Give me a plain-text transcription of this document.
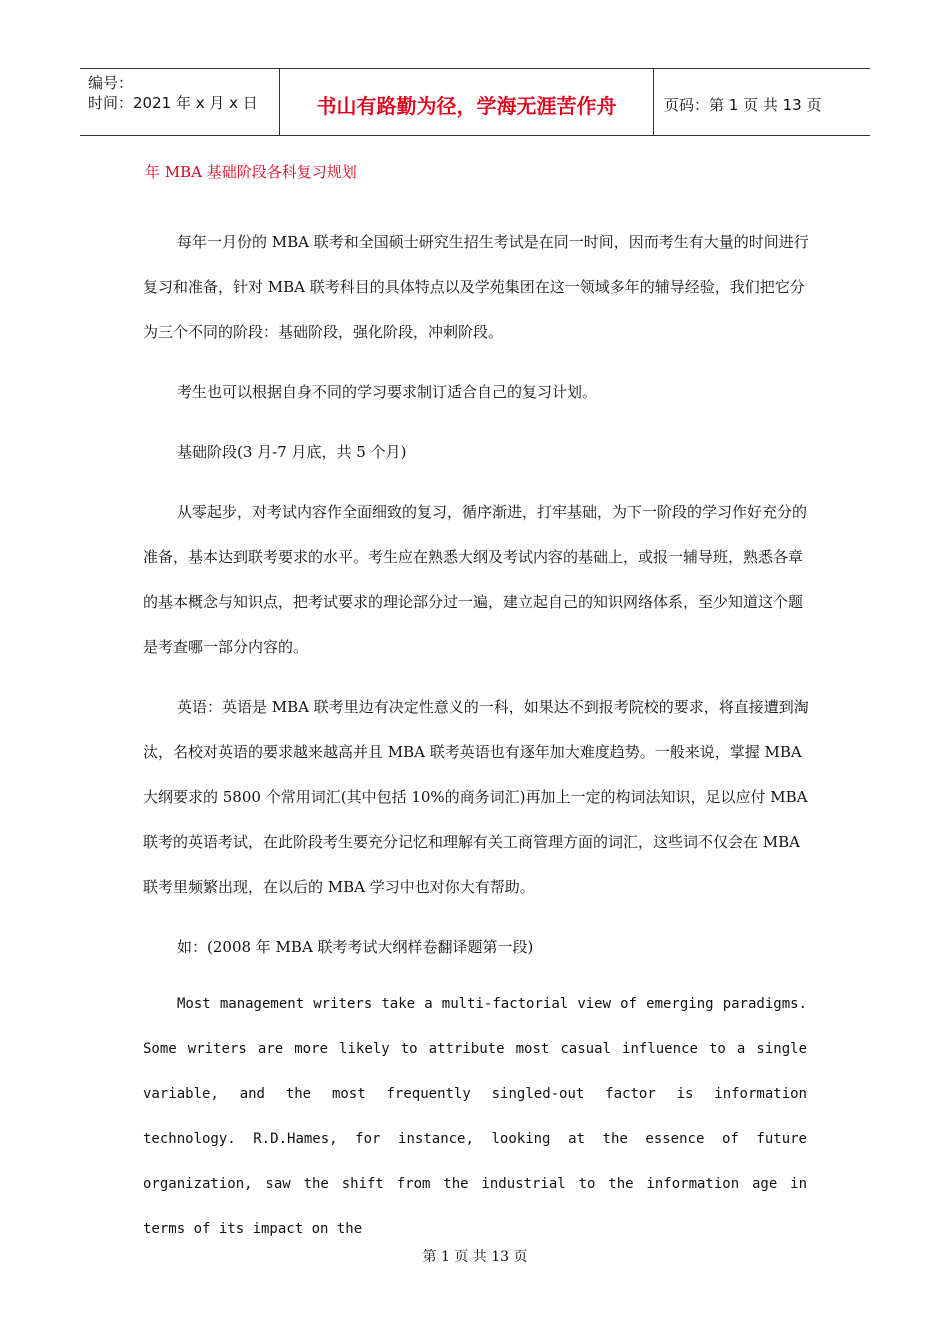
编号：
时间：2021 年 x 月 x 日	书山有路勤为径，学海无涯苦作舟	页码：第 1 页 共 13 页
年 MBA 基础阶段各科复习规划

每年一月份的 MBA 联考和全国硕士研究生招生考试是在同一时间，因而考生有大量的时间进行复习和准备，针对 MBA 联考科目的具体特点以及学苑集团在这一领域多年的辅导经验，我们把它分为三个不同的阶段：基础阶段，强化阶段，冲刺阶段。

考生也可以根据自身不同的学习要求制订适合自己的复习计划。

基础阶段(3 月-7 月底，共 5 个月)

从零起步，对考试内容作全面细致的复习，循序渐进，打牢基础，为下一阶段的学习作好充分的准备，基本达到联考要求的水平。考生应在熟悉大纲及考试内容的基础上，或报一辅导班，熟悉各章的基本概念与知识点，把考试要求的理论部分过一遍，建立起自己的知识网络体系，至少知道这个题是考查哪一部分内容的。

英语：英语是 MBA 联考里边有决定性意义的一科，如果达不到报考院校的要求，将直接遭到淘汰，名校对英语的要求越来越高并且 MBA 联考英语也有逐年加大难度趋势。一般来说，掌握 MBA 大纲要求的 5800 个常用词汇(其中包括 10%的商务词汇)再加上一定的构词法知识，足以应付 MBA 联考的英语考试，在此阶段考生要充分记忆和理解有关工商管理方面的词汇，这些词不仅会在 MBA 联考里频繁出现，在以后的 MBA 学习中也对你大有帮助。

如：(2008 年 MBA 联考考试大纲样卷翻译题第一段)

Most management writers take a multi-factorial view of emerging paradigms. Some writers are more likely to attribute most casual influence to a single variable, and the most frequently singled-out factor is information technology. R.D.Hames, for instance, looking at the essence of future organization, saw the shift from the industrial to the information age in terms of its impact on the
第 1 页 共 13 页
